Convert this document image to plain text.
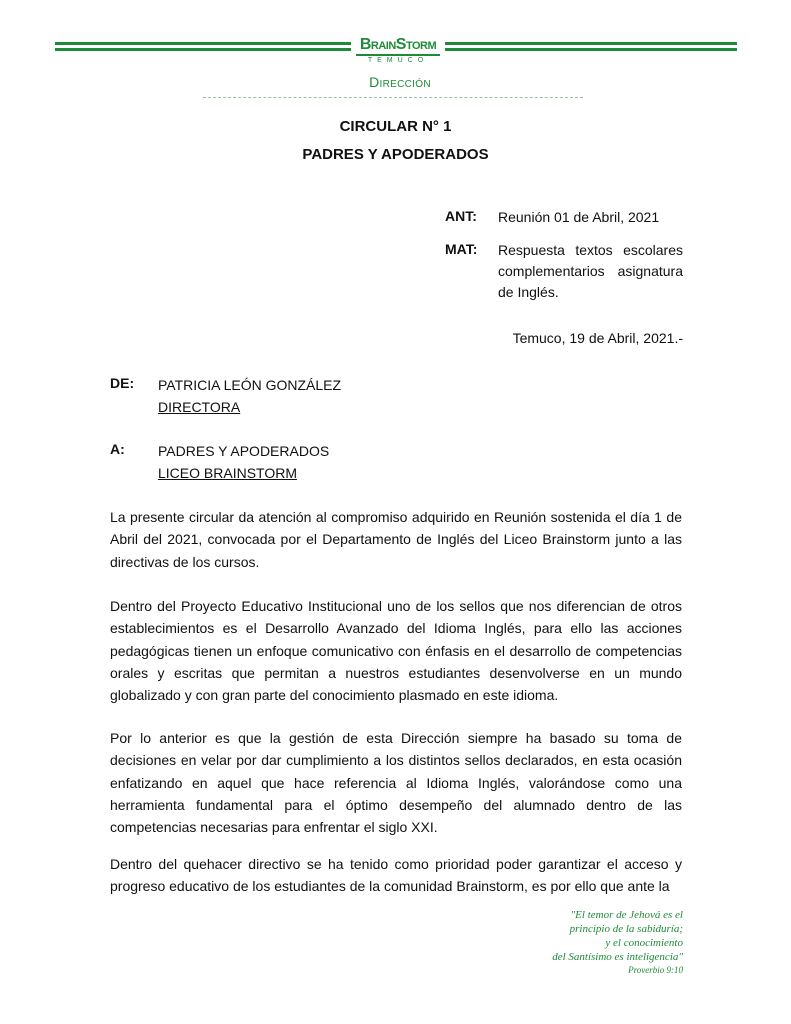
BrainStorm
TEMUCO
Dirección
CIRCULAR N° 1
PADRES Y APODERADOS
ANT: Reunión 01 de Abril, 2021
MAT: Respuesta textos escolares complementarios asignatura de Inglés.
Temuco, 19 de Abril, 2021.-
DE: PATRICIA LEÓN GONZÁLEZ
DIRECTORA
A: PADRES Y APODERADOS
LICEO BRAINSTORM
La presente circular da atención al compromiso adquirido en Reunión sostenida el día 1 de Abril del 2021, convocada por el Departamento de Inglés del Liceo Brainstorm junto a las directivas de los cursos.
Dentro del Proyecto Educativo Institucional uno de los sellos que nos diferencian de otros establecimientos es el Desarrollo Avanzado del Idioma Inglés, para ello las acciones pedagógicas tienen un enfoque comunicativo con énfasis en el desarrollo de competencias orales y escritas que permitan a nuestros estudiantes desenvolverse en un mundo globalizado y con gran parte del conocimiento plasmado en este idioma.
Por lo anterior es que la gestión de esta Dirección siempre ha basado su toma de decisiones en velar por dar cumplimiento a los distintos sellos declarados, en esta ocasión enfatizando en aquel que hace referencia al Idioma Inglés, valorándose como una herramienta fundamental para el óptimo desempeño del alumnado dentro de las competencias necesarias para enfrentar el siglo XXI.
Dentro del quehacer directivo se ha tenido como prioridad poder garantizar el acceso y progreso educativo de los estudiantes de la comunidad Brainstorm, es por ello que ante la
"El temor de Jehová es el
principio de la sabiduría;
y el conocimiento
del Santísimo es inteligencia"
Proverbio 9:10
